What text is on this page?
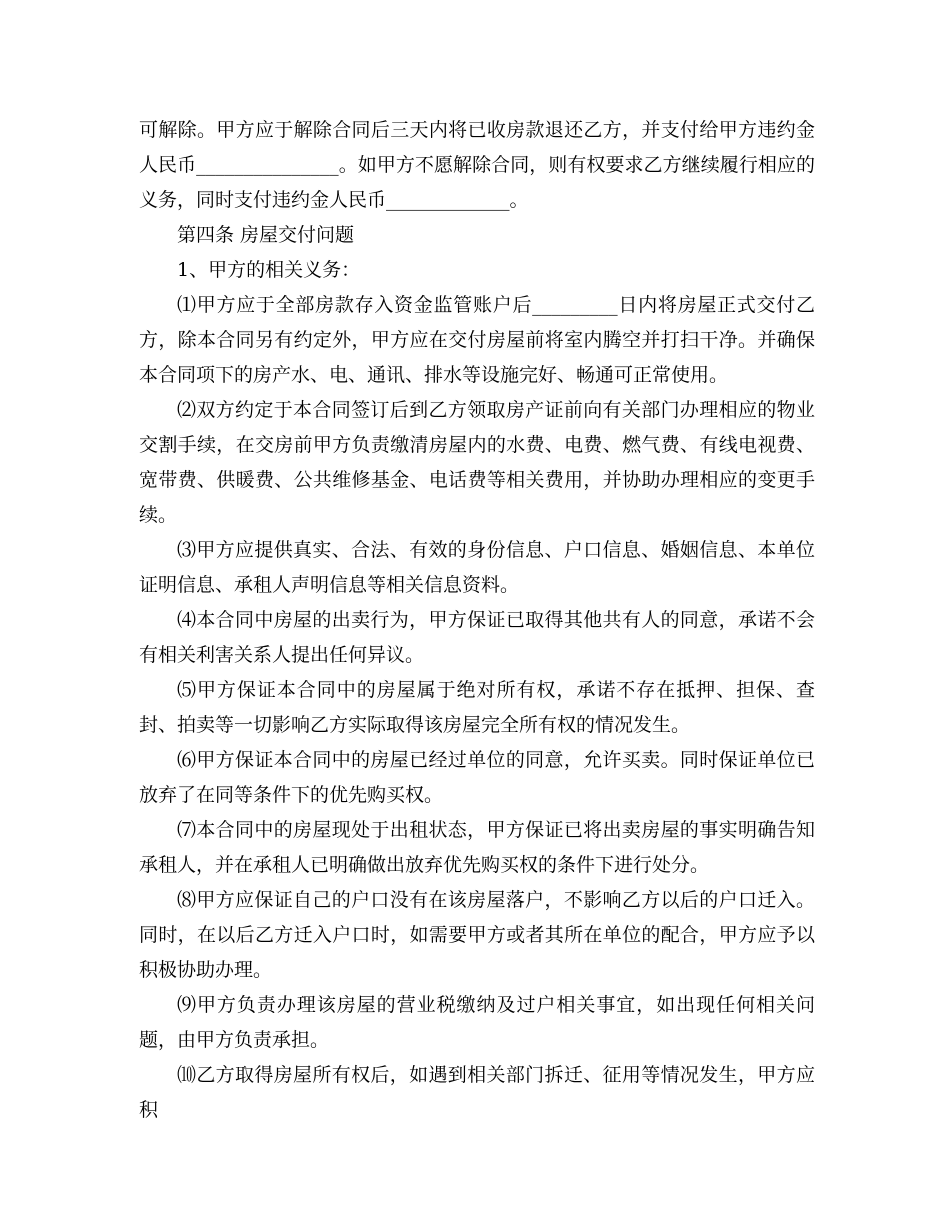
可解除。甲方应于解除合同后三天内将已收房款退还乙方，并支付给甲方违约金人民币_______________。如甲方不愿解除合同，则有权要求乙方继续履行相应的义务，同时支付违约金人民币_____________。

第四条 房屋交付问题

1、甲方的相关义务：

⑴甲方应于全部房款存入资金监管账户后_________日内将房屋正式交付乙方，除本合同另有约定外，甲方应在交付房屋前将室内腾空并打扫干净。并确保本合同项下的房产水、电、通讯、排水等设施完好、畅通可正常使用。

⑵双方约定于本合同签订后到乙方领取房产证前向有关部门办理相应的物业交割手续，在交房前甲方负责缴清房屋内的水费、电费、燃气费、有线电视费、宽带费、供暖费、公共维修基金、电话费等相关费用，并协助办理相应的变更手续。

⑶甲方应提供真实、合法、有效的身份信息、户口信息、婚姻信息、本单位证明信息、承租人声明信息等相关信息资料。

⑷本合同中房屋的出卖行为，甲方保证已取得其他共有人的同意，承诺不会有相关利害关系人提出任何异议。

⑸甲方保证本合同中的房屋属于绝对所有权，承诺不存在抵押、担保、查封、拍卖等一切影响乙方实际取得该房屋完全所有权的情况发生。

⑹甲方保证本合同中的房屋已经过单位的同意，允许买卖。同时保证单位已放弃了在同等条件下的优先购买权。

⑺本合同中的房屋现处于出租状态，甲方保证已将出卖房屋的事实明确告知承租人，并在承租人已明确做出放弃优先购买权的条件下进行处分。

⑻甲方应保证自己的户口没有在该房屋落户，不影响乙方以后的户口迁入。同时，在以后乙方迁入户口时，如需要甲方或者其所在单位的配合，甲方应予以积极协助办理。

⑼甲方负责办理该房屋的营业税缴纳及过户相关事宜，如出现任何相关问题，由甲方负责承担。

⑽乙方取得房屋所有权后，如遇到相关部门拆迁、征用等情况发生，甲方应积
